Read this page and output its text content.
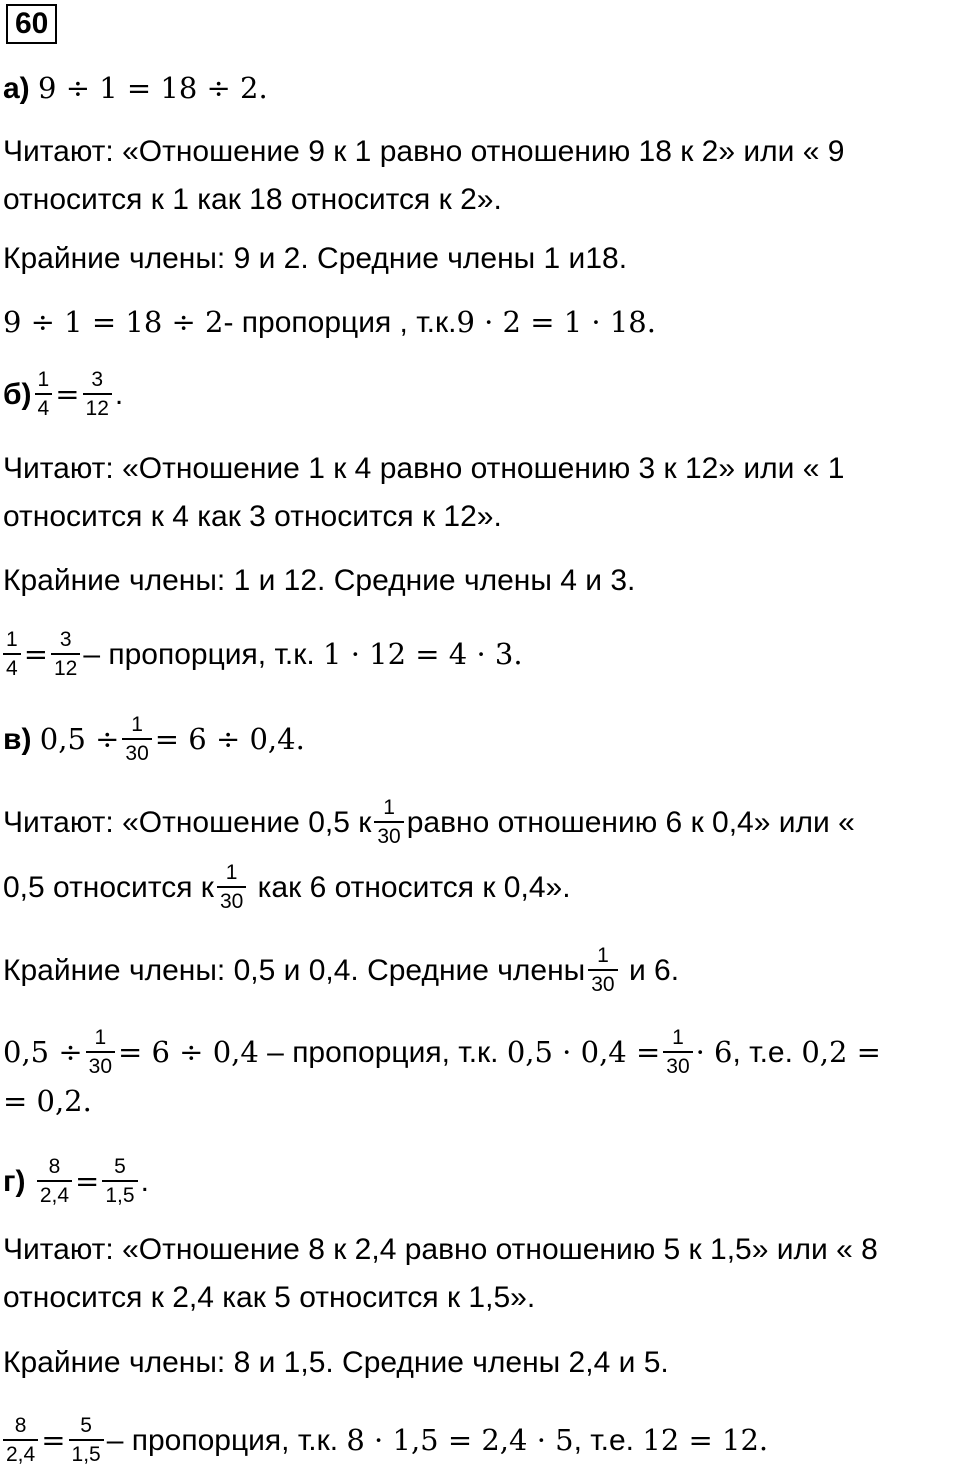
60
а) 9 ÷ 1 = 18 ÷ 2.
Читают: «Отношение 9 к 1 равно отношению 18 к 2» или « 9
относится к 1 как 18 относится к 2».
Крайние члены: 9 и 2. Средние члены 1 и18.
9 ÷ 1 = 18 ÷ 2- пропорция , т.к.9 · 2 = 1 · 18.
$б) \frac{1}{4} = \frac{3}{12}$ .
Читают: «Отношение 1 к 4 равно отношению 3 к 12» или « 1
относится к 4 как 3 относится к 12».
Крайние члены: 1 и 12. Средние члены 4 и 3.
$\frac{1}{4} = \frac{3}{12}$ – пропорция, т.к. 1 · 12 = 4 · 3.
в) $0,5 \div \frac{1}{30} = 6 \div 0,4$.
Читают: «Отношение 0,5 к $\frac{1}{30}$ равно отношению 6 к 0,4» или «
0,5 относится к $\frac{1}{30}$ как 6 относится к 0,4».
Крайние члены: 0,5 и 0,4. Средние члены $\frac{1}{30}$ и 6.
$0,5 \div \frac{1}{30} = 6 \div 0,4$ – пропорция, т.к. $0,5 \cdot 0,4 = \frac{1}{30} \cdot 6$, т.е. 0,2 =
= 0,2.
$г) \frac{8}{2,4} = \frac{5}{1,5}$ .
Читают: «Отношение 8 к 2,4 равно отношению 5 к 1,5» или « 8
относится к 2,4 как 5 относится к 1,5».
Крайние члены: 8 и 1,5. Средние члены 2,4 и 5.
$\frac{8}{2,4} = \frac{5}{1,5}$ – пропорция, т.к. 8 · 1,5 = 2,4 · 5, т.е. 12 = 12.
